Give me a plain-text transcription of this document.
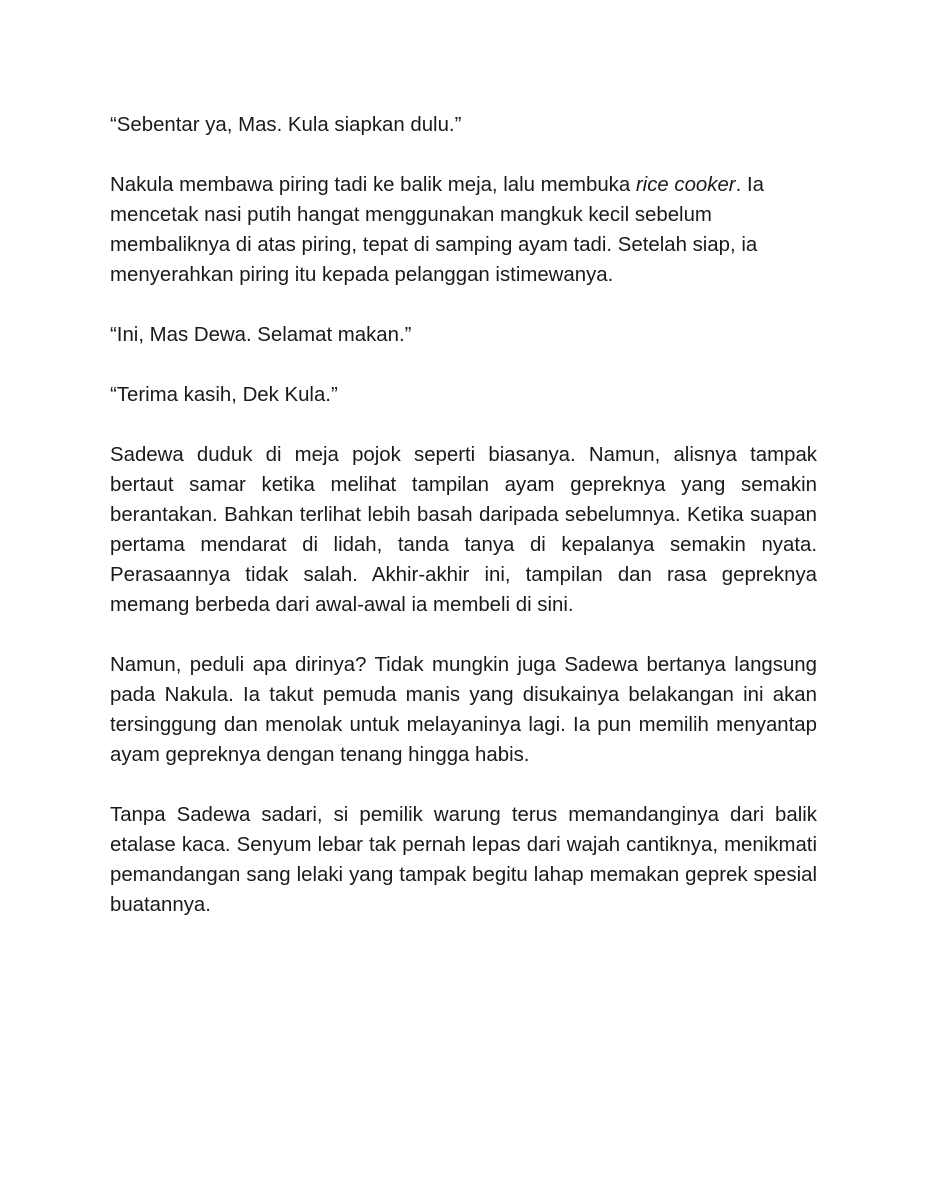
“Sebentar ya, Mas. Kula siapkan dulu.”

Nakula membawa piring tadi ke balik meja, lalu membuka rice cooker. Ia mencetak nasi putih hangat menggunakan mangkuk kecil sebelum membaliknya di atas piring, tepat di samping ayam tadi. Setelah siap, ia menyerahkan piring itu kepada pelanggan istimewanya.

“Ini, Mas Dewa. Selamat makan.”

“Terima kasih, Dek Kula.”

Sadewa duduk di meja pojok seperti biasanya. Namun, alisnya tampak bertaut samar ketika melihat tampilan ayam gepreknya yang semakin berantakan. Bahkan terlihat lebih basah daripada sebelumnya. Ketika suapan pertama mendarat di lidah, tanda tanya di kepalanya semakin nyata. Perasaannya tidak salah. Akhir-akhir ini, tampilan dan rasa gepreknya memang berbeda dari awal-awal ia membeli di sini.

Namun, peduli apa dirinya? Tidak mungkin juga Sadewa bertanya langsung pada Nakula. Ia takut pemuda manis yang disukainya belakangan ini akan tersinggung dan menolak untuk melayaninya lagi. Ia pun memilih menyantap ayam gepreknya dengan tenang hingga habis.

Tanpa Sadewa sadari, si pemilik warung terus memandanginya dari balik etalase kaca. Senyum lebar tak pernah lepas dari wajah cantiknya, menikmati pemandangan sang lelaki yang tampak begitu lahap memakan geprek spesial buatannya.
